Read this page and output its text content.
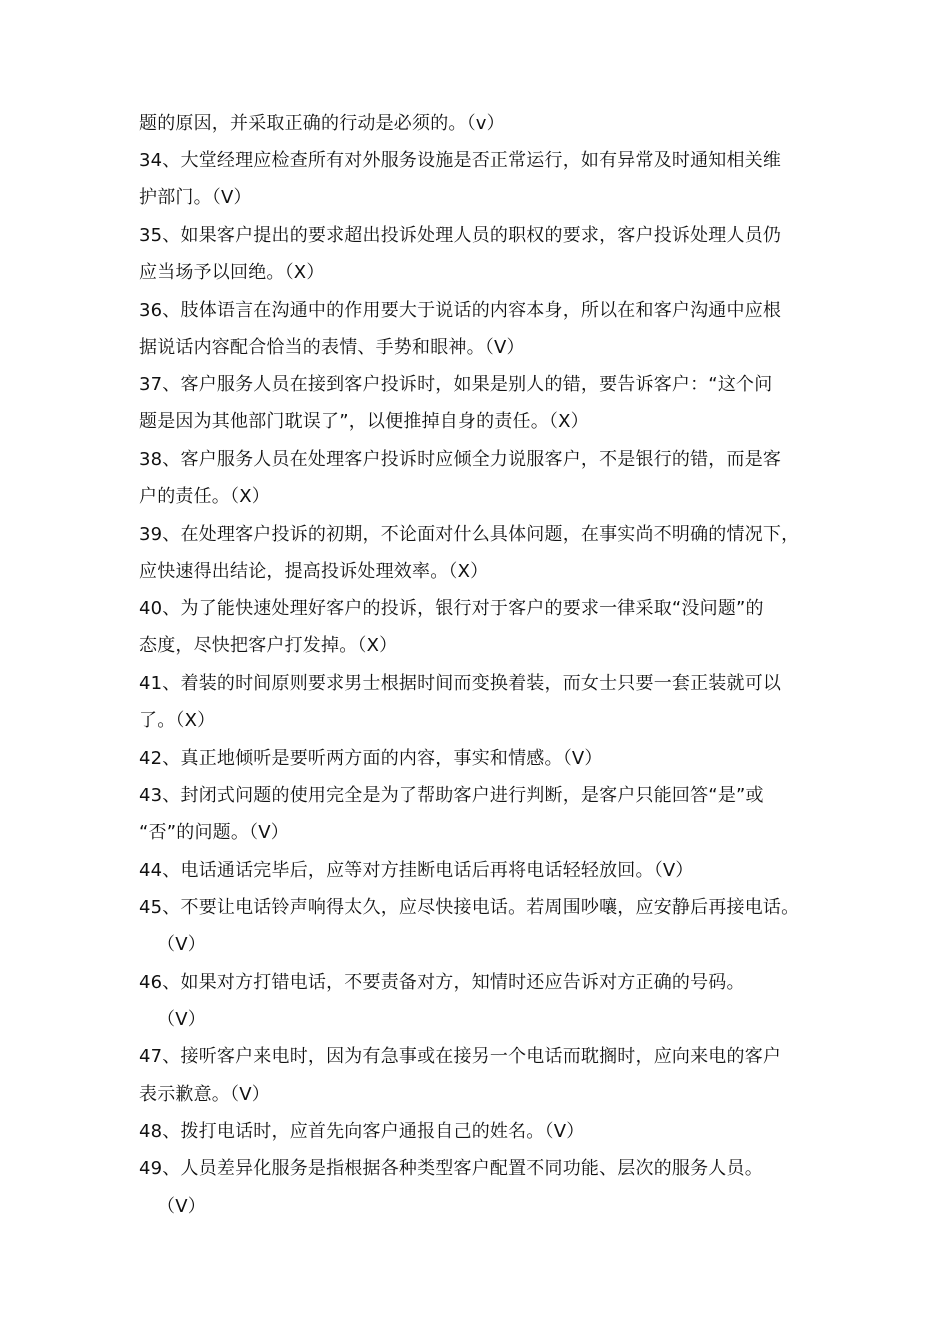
题的原因，并采取正确的行动是必须的。（v）
34、大堂经理应检查所有对外服务设施是否正常运行，如有异常及时通知相关维
护部门。（V）
35、如果客户提出的要求超出投诉处理人员的职权的要求，客户投诉处理人员仍
应当场予以回绝。（X）
36、肢体语言在沟通中的作用要大于说话的内容本身，所以在和客户沟通中应根
据说话内容配合恰当的表情、手势和眼神。（V）
37、客户服务人员在接到客户投诉时，如果是别人的错，要告诉客户：“这个问
题是因为其他部门耽误了”，以便推掉自身的责任。（X）
38、客户服务人员在处理客户投诉时应倾全力说服客户，不是银行的错，而是客
户的责任。（X）
39、在处理客户投诉的初期，不论面对什么具体问题，在事实尚不明确的情况下，
应快速得出结论，提高投诉处理效率。（X）
40、为了能快速处理好客户的投诉，银行对于客户的要求一律采取“没问题”的
态度，尽快把客户打发掉。（X）
41、着装的时间原则要求男士根据时间而变换着装，而女士只要一套正装就可以
了。（X）
42、真正地倾听是要听两方面的内容，事实和情感。（V）
43、封闭式问题的使用完全是为了帮助客户进行判断，是客户只能回答“是”或
“否”的问题。（V）
44、电话通话完毕后，应等对方挂断电话后再将电话轻轻放回。（V）
45、不要让电话铃声响得太久，应尽快接电话。若周围吵嚷，应安静后再接电话。
（V）
46、如果对方打错电话，不要责备对方，知情时还应告诉对方正确的号码。
（V）
47、接听客户来电时，因为有急事或在接另一个电话而耽搁时，应向来电的客户
表示歉意。（V）
48、拨打电话时，应首先向客户通报自己的姓名。（V）
49、人员差异化服务是指根据各种类型客户配置不同功能、层次的服务人员。
（V）
